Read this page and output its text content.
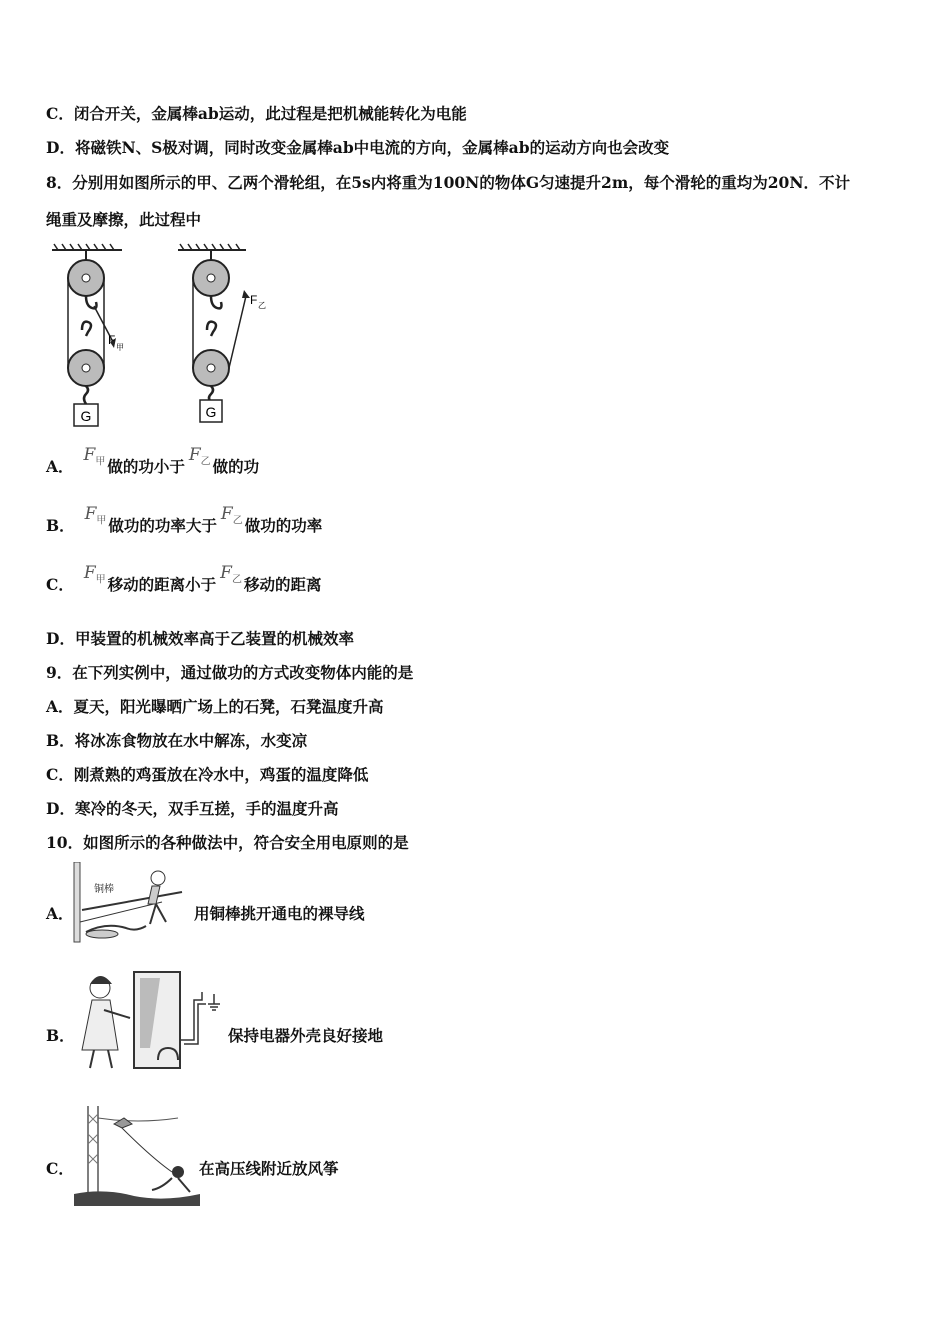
C．闭合开关，金属棒ab运动，此过程是把机械能转化为电能
D．将磁铁N、S极对调，同时改变金属棒ab中电流的方向，金属棒ab的运动方向也会改变
8．分别用如图所示的甲、乙两个滑轮组，在5s内将重为100N的物体G匀速提升2m，每个滑轮的重均为20N．不计
绳重及摩擦，此过程中
G
F
甲
G
F 乙
A．
$F_甲$ 做的功小于
$F_乙$ 做的功
B．
$F_甲$ 做功的功率大于
$F_乙$ 做功的功率
C．
$F_甲$ 移动的距离小于
$F_乙$ 移动的距离
D．甲装置的机械效率高于乙装置的机械效率
9．在下列实例中，通过做功的方式改变物体内能的是
A．夏天，阳光曝晒广场上的石凳，石凳温度升高
B．将冰冻食物放在水中解冻，水变凉
C．刚煮熟的鸡蛋放在冷水中，鸡蛋的温度降低
D．寒冷的冬天，双手互搓，手的温度升高
10．如图所示的各种做法中，符合安全用电原则的是
A．
铜棒
用铜棒挑开通电的裸导线
B．	保持电器外壳良好接地
C．	在高压线附近放风筝
